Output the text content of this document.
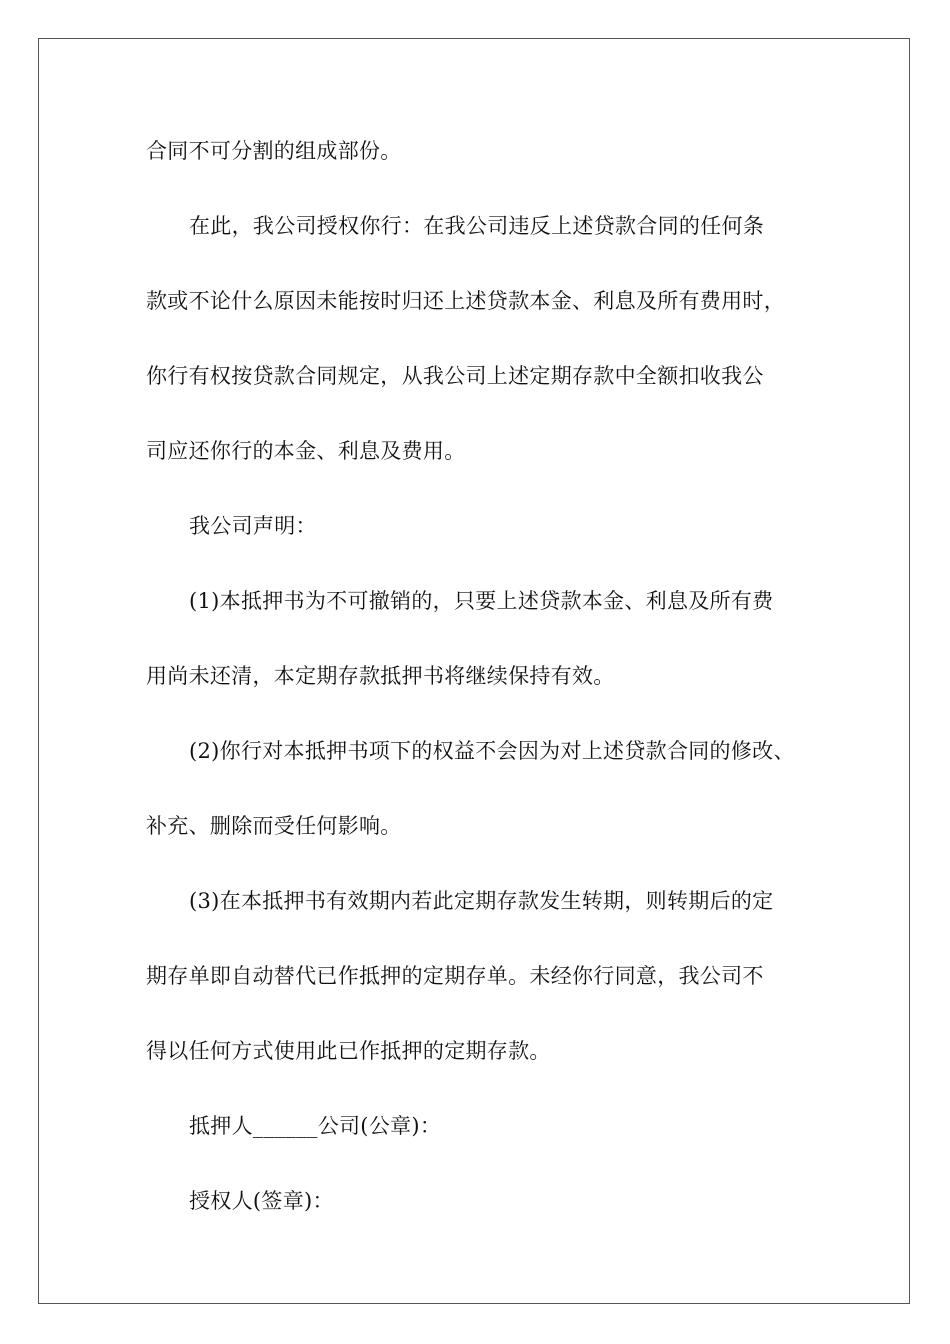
合同不可分割的组成部份。
在此，我公司授权你行：在我公司违反上述贷款合同的任何条
款或不论什么原因未能按时归还上述贷款本金、利息及所有费用时，
你行有权按贷款合同规定，从我公司上述定期存款中全额扣收我公
司应还你行的本金、利息及费用。
我公司声明：
(1)本抵押书为不可撤销的，只要上述贷款本金、利息及所有费
用尚未还清，本定期存款抵押书将继续保持有效。
(2)你行对本抵押书项下的权益不会因为对上述贷款合同的修改、
补充、删除而受任何影响。
(3)在本抵押书有效期内若此定期存款发生转期，则转期后的定
期存单即自动替代已作抵押的定期存单。未经你行同意，我公司不
得以任何方式使用此已作抵押的定期存款。
抵押人______公司(公章)：
授权人(签章)：
